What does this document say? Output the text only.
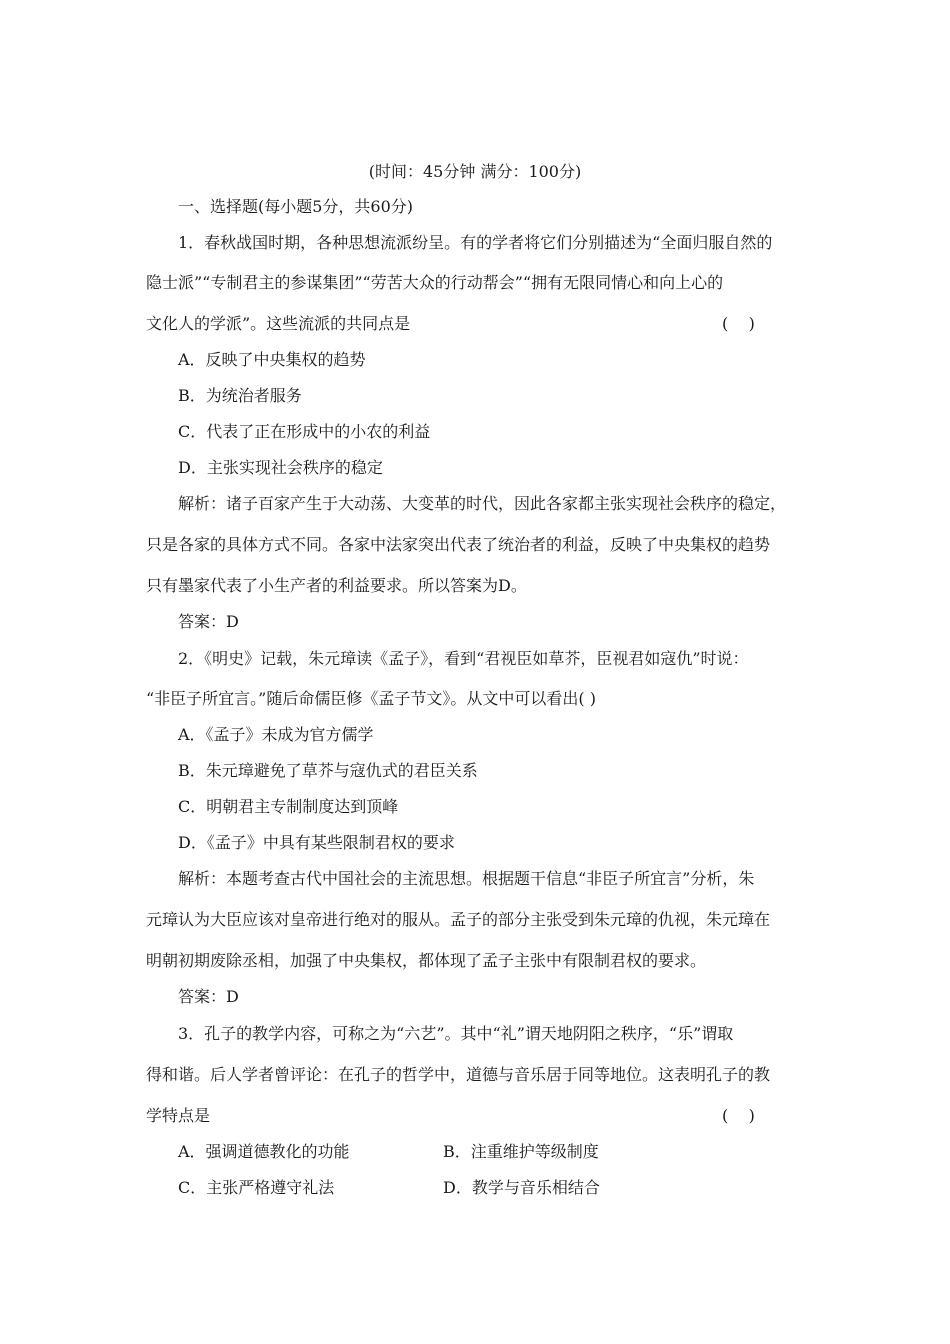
(时间：45分钟 满分：100分)
一、选择题(每小题5分，共60分)
1．春秋战国时期，各种思想流派纷呈。有的学者将它们分别描述为“全面归服自然的
隐士派”“专制君主的参谋集团”“劳苦大众的行动帮会”“拥有无限同情心和向上心的
文化人的学派”。这些流派的共同点是	(    )
A．反映了中央集权的趋势
B．为统治者服务
C．代表了正在形成中的小农的利益
D．主张实现社会秩序的稳定
解析：诸子百家产生于大动荡、大变革的时代，因此各家都主张实现社会秩序的稳定，
只是各家的具体方式不同。各家中法家突出代表了统治者的利益，反映了中央集权的趋势
只有墨家代表了小生产者的利益要求。所以答案为D。
答案：D
2．《明史》记载，朱元璋读《孟子》，看到“君视臣如草芥，臣视君如寇仇”时说：
“非臣子所宜言。”随后命儒臣修《孟子节文》。从文中可以看出( )
A．《孟子》未成为官方儒学
B．朱元璋避免了草芥与寇仇式的君臣关系
C．明朝君主专制制度达到顶峰
D．《孟子》中具有某些限制君权的要求
解析：本题考查古代中国社会的主流思想。根据题干信息“非臣子所宜言”分析，朱
元璋认为大臣应该对皇帝进行绝对的服从。孟子的部分主张受到朱元璋的仇视，朱元璋在
明朝初期废除丞相，加强了中央集权，都体现了孟子主张中有限制君权的要求。
答案：D
3．孔子的教学内容，可称之为“六艺”。其中“礼”谓天地阴阳之秩序，“乐”谓取
得和谐。后人学者曾评论：在孔子的哲学中，道德与音乐居于同等地位。这表明孔子的教
学特点是	(    )
A．强调道德教化的功能	B．注重维护等级制度
C．主张严格遵守礼法	D．教学与音乐相结合
